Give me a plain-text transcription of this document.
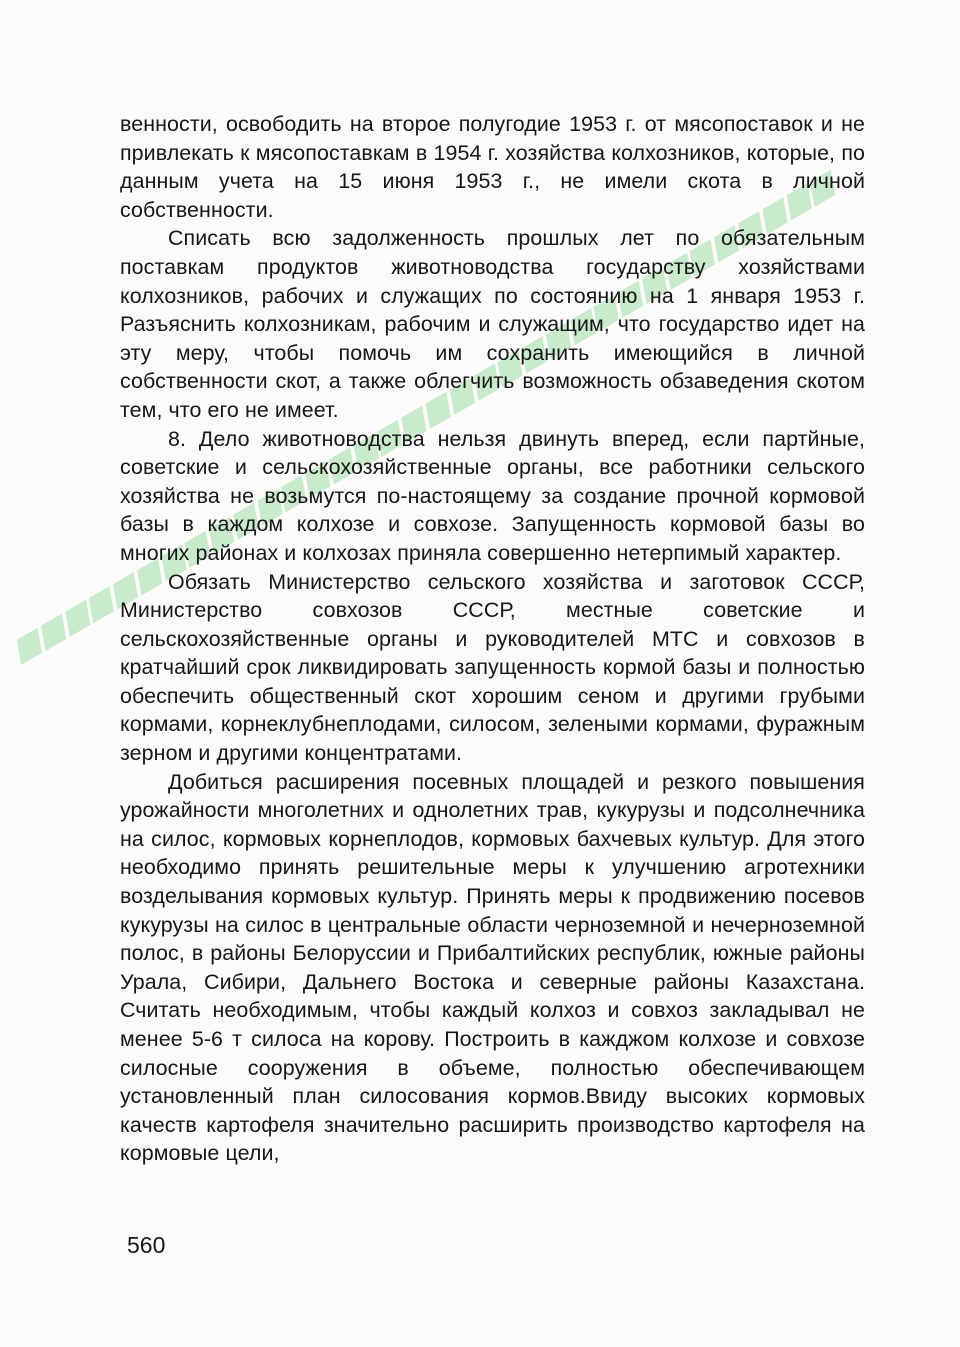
венности, освободить на второе полугодие 1953 г. от мясопоставок и не привлекать к мясопоставкам в 1954 г. хозяйства колхозников, которые, по данным учета на 15 июня 1953 г., не имели скота в личной собственности.

Списать всю задолженность прошлых лет по обязательным поставкам продуктов животноводства государству хозяйствами колхозников, рабочих и служащих по состоянию на 1 января 1953 г. Разъяснить колхозникам, рабочим и служащим, что государство идет на эту меру, чтобы помочь им сохранить имеющийся в личной собственности скот, а также облегчить возможность обзаведения скотом тем, что его не имеет.

8. Дело животноводства нельзя двинуть вперед, если партйные, советские и сельскохозяйственные органы, все работники сельского хозяйства не возьмутся по-настоящему за создание прочной кормовой базы в каждом колхозе и совхозе. Запущенность кормовой базы во многих районах и колхозах приняла совершенно нетерпимый характер.

Обязать Министерство сельского хозяйства и заготовок СССР, Министерство совхозов СССР, местные советские и сельскохозяйственные органы и руководителей МТС и совхозов в кратчайший срок ликвидировать запущенность кормой базы и полностью обеспечить общественный скот хорошим сеном и другими грубыми кормами, корнеклубнеплодами, силосом, зелеными кормами, фуражным зерном и другими концентратами.

Добиться расширения посевных площадей и резкого повышения урожайности многолетних и однолетних трав, кукурузы и подсолнечника на силос, кормовых корнеплодов, кормовых бахчевых культур. Для этого необходимо принять решительные меры к улучшению агротехники возделывания кормовых культур. Принять меры к продвижению посевов кукурузы на силос в центральные области черноземной и нечерноземной полос, в районы Белоруссии и Прибалтийских республик, южные районы Урала, Сибири, Дальнего Востока и северные районы Казахстана. Считать необходимым, чтобы каждый колхоз и совхоз закладывал не менее 5-6 т силоса на корову. Построить в кажджом колхозе и совхозе силосные сооружения в объеме, полностью обеспечивающем установленный план силосования кормов.Ввиду высоких кормовых качеств картофеля значительно расширить производство картофеля на кормовые цели,

560
